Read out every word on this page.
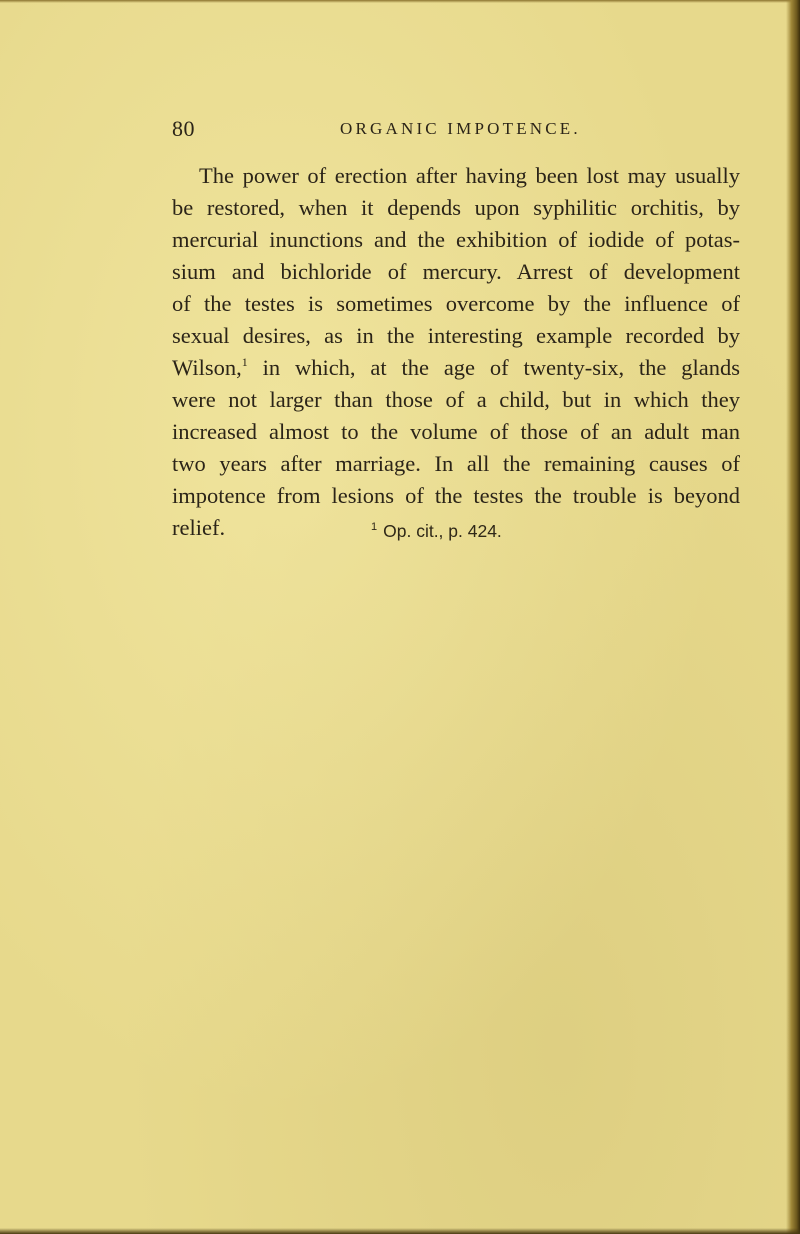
80	ORGANIC IMPOTENCE.
The power of erection after having been lost may usually
be restored, when it depends upon syphilitic orchitis, by
mercurial inunctions and the exhibition of iodide of potas-
sium and bichloride of mercury. Arrest of development
of the testes is sometimes overcome by the influence of
sexual desires, as in the interesting example recorded by
Wilson,$^1$ in which, at the age of twenty-six, the glands
were not larger than those of a child, but in which they
increased almost to the volume of those of an adult man
two years after marriage. In all the remaining causes of
impotence from lesions of the testes the trouble is beyond
relief.	$^1$ Op. cit., p. 424.
